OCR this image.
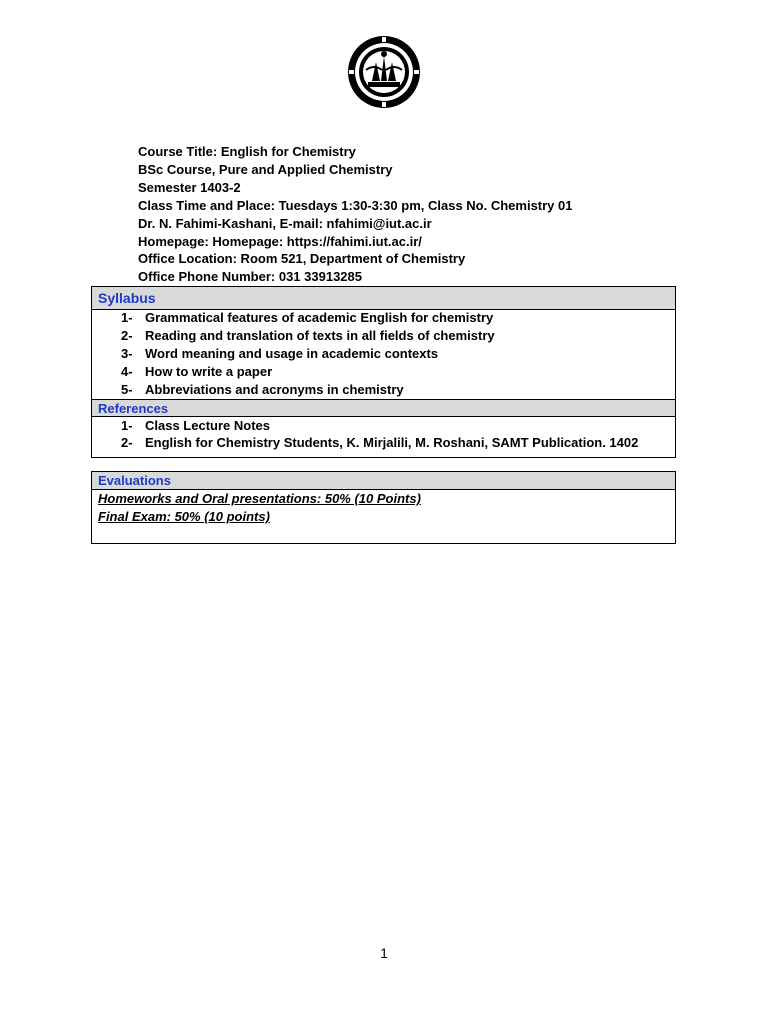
Course Title: English for Chemistry
BSc Course, Pure and Applied Chemistry
Semester 1403-2
Class Time and Place: Tuesdays 1:30-3:30 pm, Class No. Chemistry 01
Dr. N. Fahimi-Kashani, E-mail: nfahimi@iut.ac.ir
Homepage: Homepage: https://fahimi.iut.ac.ir/
Office Location: Room 521, Department of Chemistry
Office Phone Number: 031 33913285
Syllabus
1- Grammatical features of academic English for chemistry
2- Reading and translation of texts in all fields of chemistry
3- Word meaning and usage in academic contexts
4- How to write a paper
5- Abbreviations and acronyms in chemistry
References
1- Class Lecture Notes
2- English for Chemistry Students, K. Mirjalili, M. Roshani, SAMT Publication. 1402
Evaluations
Homeworks and Oral presentations: 50% (10 Points)
Final Exam: 50% (10 points)
1
